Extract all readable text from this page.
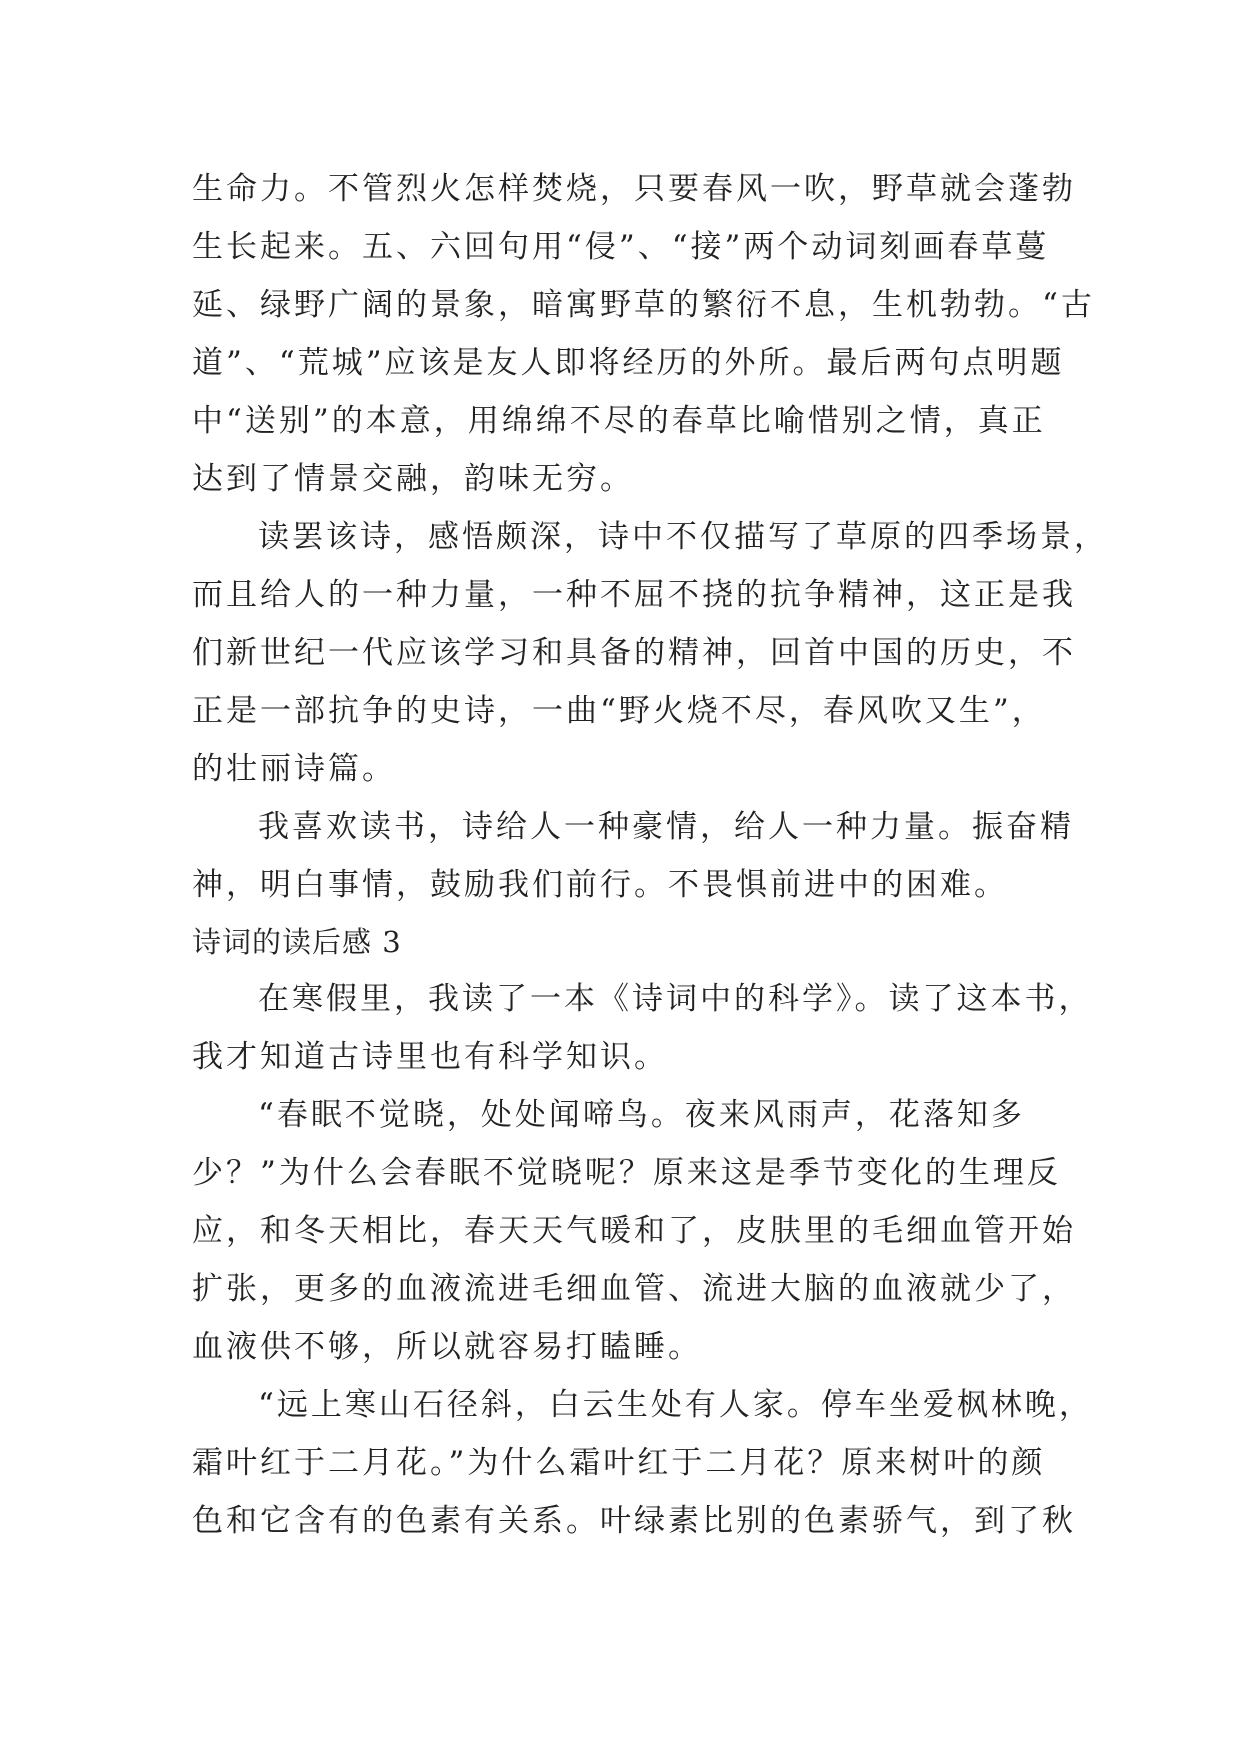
生命力。不管烈火怎样焚烧，只要春风一吹，野草就会蓬勃
生长起来。五、六回句用“侵”、“接”两个动词刻画春草蔓
延、绿野广阔的景象，暗寓野草的繁衍不息，生机勃勃。“古
道”、“荒城”应该是友人即将经历的外所。最后两句点明题
中“送别”的本意，用绵绵不尽的春草比喻惜别之情，真正
达到了情景交融，韵味无穷。
读罢该诗，感悟颇深，诗中不仅描写了草原的四季场景，
而且给人的一种力量，一种不屈不挠的抗争精神，这正是我
们新世纪一代应该学习和具备的精神，回首中国的历史，不
正是一部抗争的史诗，一曲“野火烧不尽，春风吹又生”，
的壮丽诗篇。
我喜欢读书，诗给人一种豪情，给人一种力量。振奋精
神，明白事情，鼓励我们前行。不畏惧前进中的困难。
诗词的读后感 3
在寒假里，我读了一本《诗词中的科学》。读了这本书，
我才知道古诗里也有科学知识。
“春眠不觉晓，处处闻啼鸟。夜来风雨声，花落知多
少？”为什么会春眠不觉晓呢？原来这是季节变化的生理反
应，和冬天相比，春天天气暖和了，皮肤里的毛细血管开始
扩张，更多的血液流进毛细血管、流进大脑的血液就少了，
血液供不够，所以就容易打瞌睡。
“远上寒山石径斜，白云生处有人家。停车坐爱枫林晚，
霜叶红于二月花。”为什么霜叶红于二月花？原来树叶的颜
色和它含有的色素有关系。叶绿素比别的色素骄气，到了秋
